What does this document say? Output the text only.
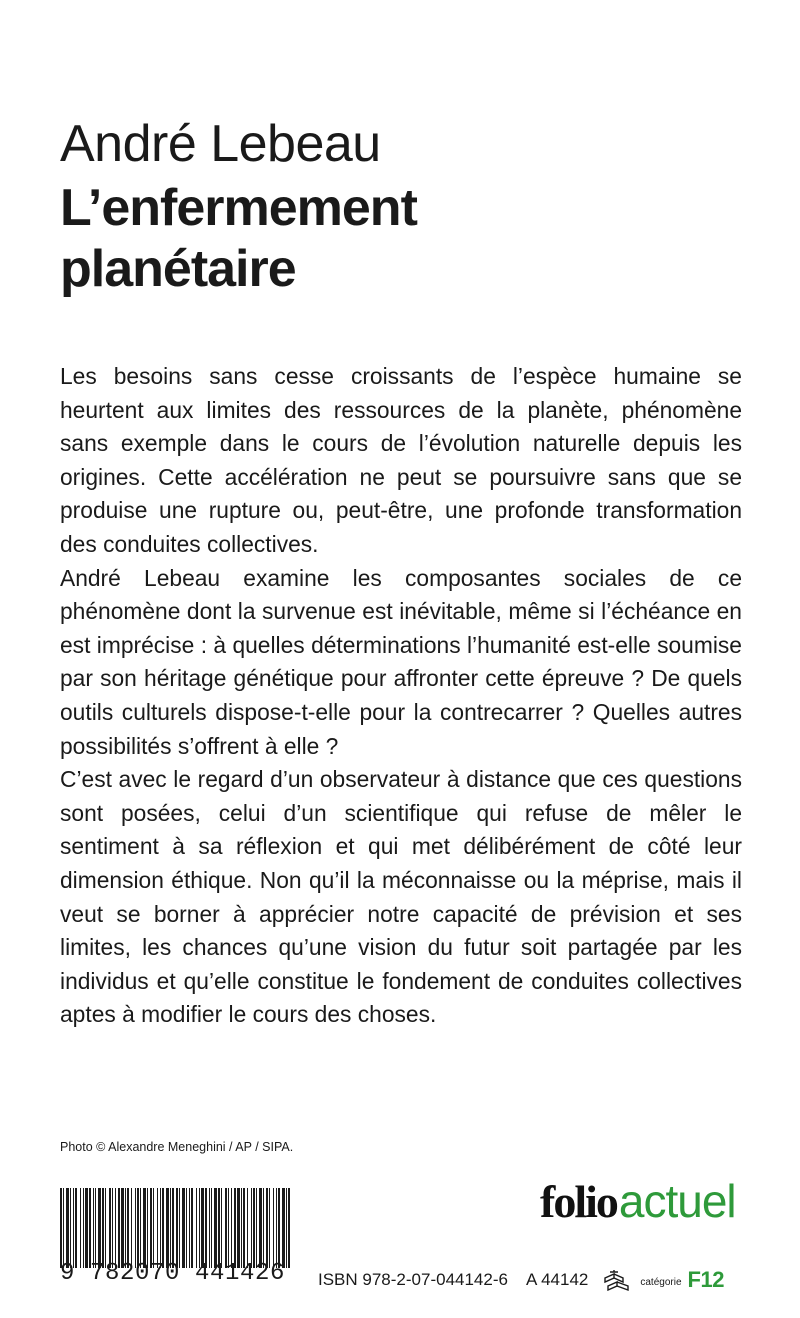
André Lebeau
L’enfermement
planétaire

Les besoins sans cesse croissants de l’espèce humaine se heurtent aux limites des ressources de la planète, phénomène sans exemple dans le cours de l’évolution naturelle depuis les origines. Cette accélération ne peut se poursuivre sans que se produise une rupture ou, peut-être, une profonde transformation des conduites collectives.

André Lebeau examine les composantes sociales de ce phénomène dont la survenue est inévitable, même si l’échéance en est imprécise : à quelles déterminations l’humanité est-elle soumise par son héritage génétique pour affronter cette épreuve ? De quels outils culturels dispose-t-elle pour la contrecarrer ? Quelles autres possibilités s’offrent à elle ?

C’est avec le regard d’un observateur à distance que ces questions sont posées, celui d’un scientifique qui refuse de mêler le sentiment à sa réflexion et qui met délibérément de côté leur dimension éthique. Non qu’il la méconnaisse ou la méprise, mais il veut se borner à apprécier notre capacité de prévision et ses limites, les chances qu’une vision du futur soit partagée par les individus et qu’elle constitue le fondement de conduites collectives aptes à modifier le cours des choses.

Photo © Alexandre Meneghini / AP / SIPA.
9 782070 441426
folioactuel
ISBN 978-2-07-044142-6 A 44142	catégorie F12
